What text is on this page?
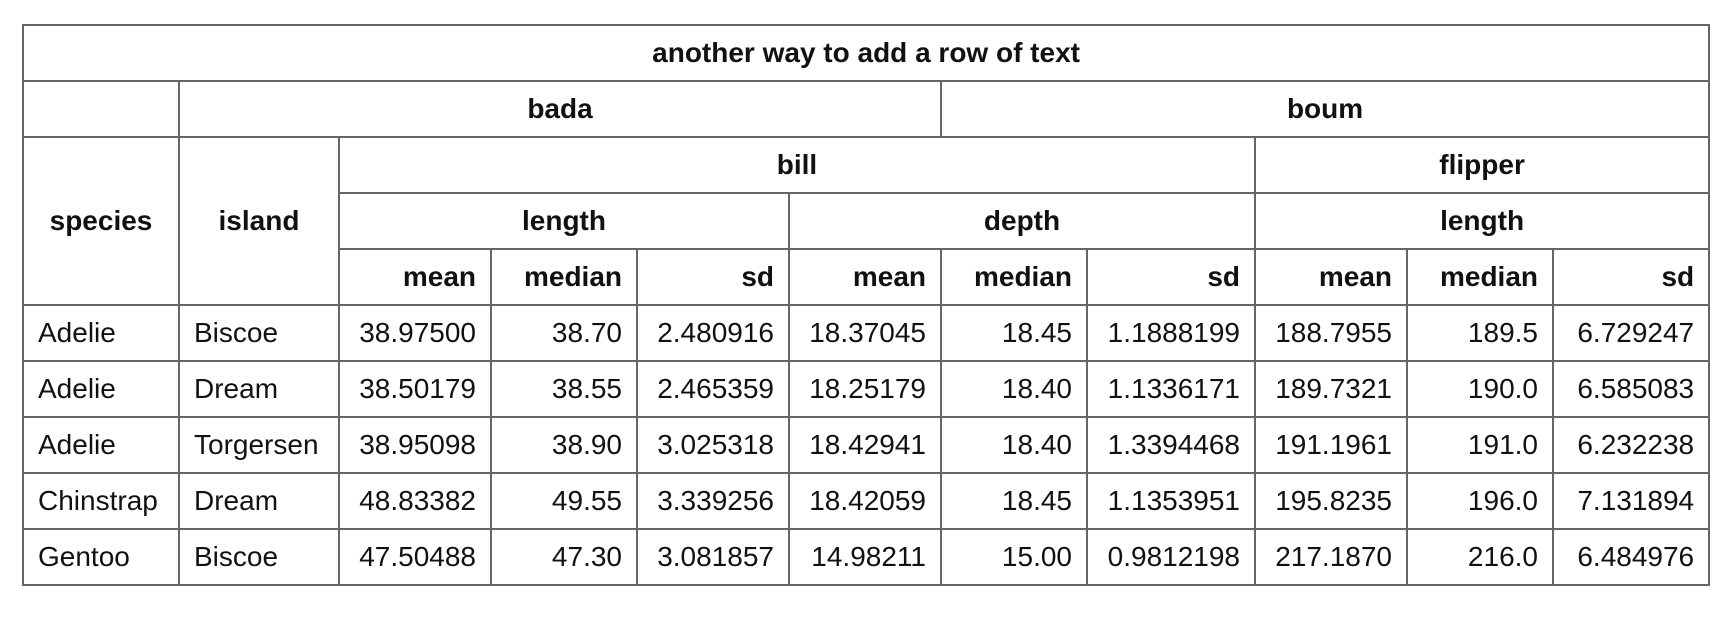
another way to add a row of text										
	bada					boum				
species	island	bill						flipper		
		length			depth			length		
		mean	median	sd	mean	median	sd	mean	median	sd
Adelie	Biscoe	38.97500	38.70	2.480916	18.37045	18.45	1.1888199	188.7955	189.5	6.729247
Adelie	Dream	38.50179	38.55	2.465359	18.25179	18.40	1.1336171	189.7321	190.0	6.585083
Adelie	Torgersen	38.95098	38.90	3.025318	18.42941	18.40	1.3394468	191.1961	191.0	6.232238
Chinstrap	Dream	48.83382	49.55	3.339256	18.42059	18.45	1.1353951	195.8235	196.0	7.131894
Gentoo	Biscoe	47.50488	47.30	3.081857	14.98211	15.00	0.9812198	217.1870	216.0	6.484976
